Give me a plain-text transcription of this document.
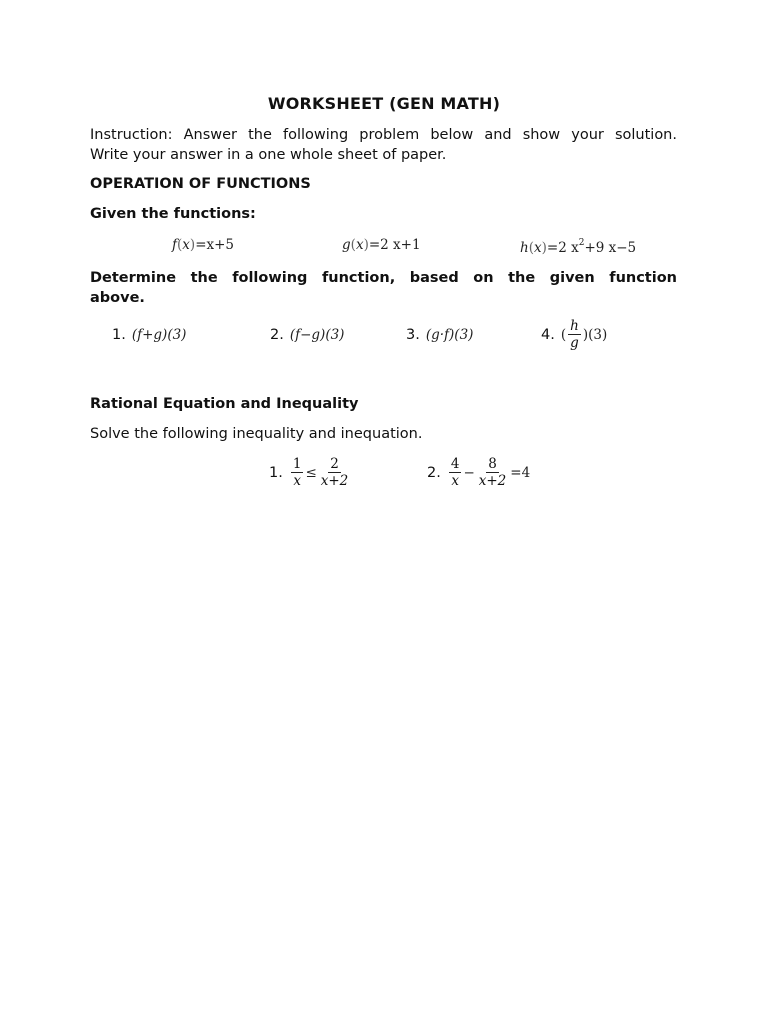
WORKSHEET (GEN MATH)
Instruction: Answer the following problem below and show your solution.
Write your answer in a one whole sheet of paper.
OPERATION OF FUNCTIONS
Given the functions:
f(x)=x+5	g(x)=2 x+1	h(x)=2 $x^2+9$ x−5
Determine the following function, based on the given function
above.
1. (f+g)(3)	2. (f−g)(3)	3. (g·f)(3)	4. ( $\frac{h}{g} )(3)$
Rational Equation and Inequality
Solve the following inequality and inequation.
1. $\frac{1}{x} \le \frac{2}{x+2}$	2. $\frac{4}{x} - \frac{8}{x+2} =4$
